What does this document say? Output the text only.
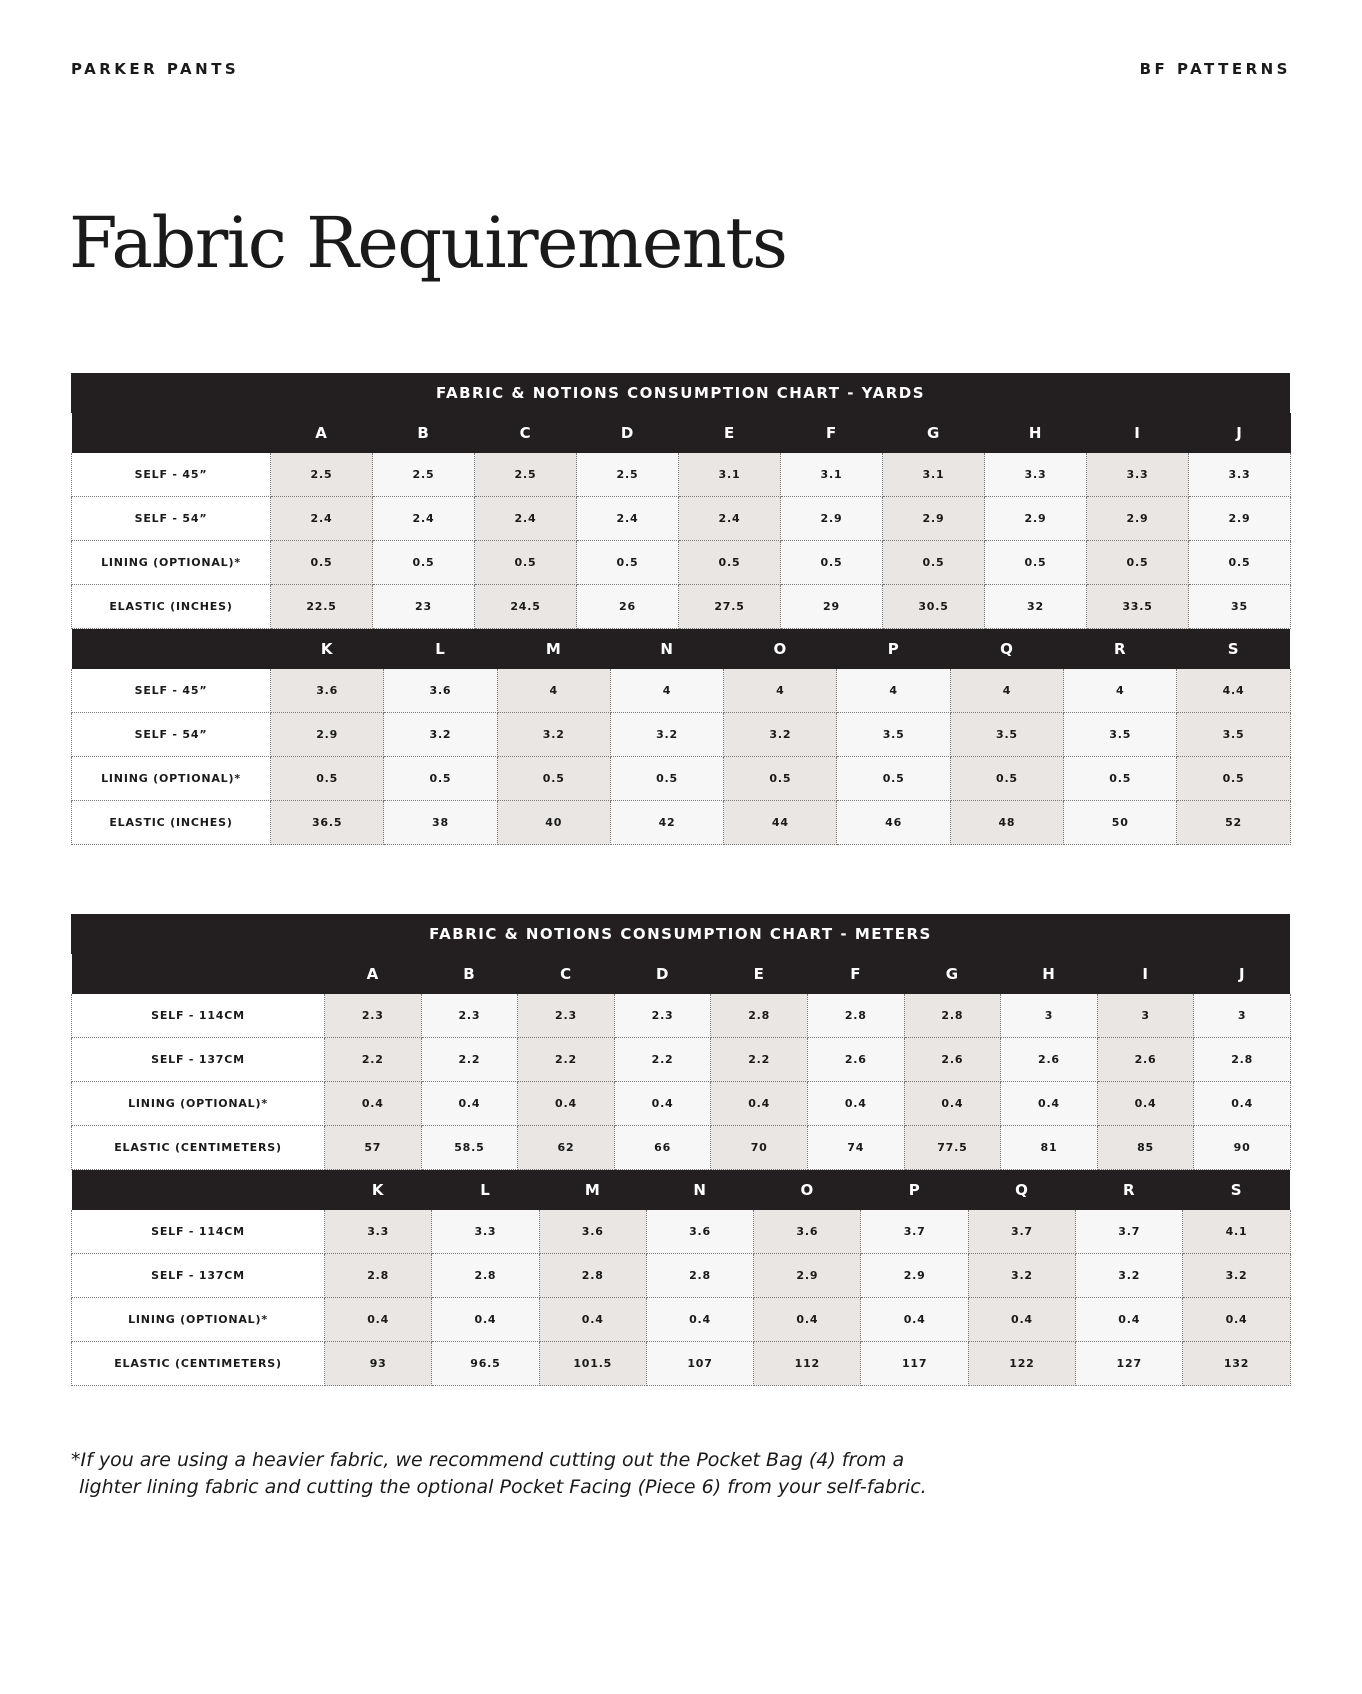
PARKER PANTS	BF PATTERNS
Fabric Requirements
FABRIC & NOTIONS CONSUMPTION CHART - YARDS

	A	B	C	D	E	F	G	H	I	J
SELF - 45”	2.5	2.5	2.5	2.5	3.1	3.1	3.1	3.3	3.3	3.3
SELF - 54”	2.4	2.4	2.4	2.4	2.4	2.9	2.9	2.9	2.9	2.9
LINING (OPTIONAL)*	0.5	0.5	0.5	0.5	0.5	0.5	0.5	0.5	0.5	0.5
ELASTIC (INCHES)	22.5	23	24.5	26	27.5	29	30.5	32	33.5	35

	K	L	M	N	O	P	Q	R	S
SELF - 45”	3.6	3.6	4	4	4	4	4	4	4.4
SELF - 54”	2.9	3.2	3.2	3.2	3.2	3.5	3.5	3.5	3.5
LINING (OPTIONAL)*	0.5	0.5	0.5	0.5	0.5	0.5	0.5	0.5	0.5
ELASTIC (INCHES)	36.5	38	40	42	44	46	48	50	52
FABRIC & NOTIONS CONSUMPTION CHART - METERS

	A	B	C	D	E	F	G	H	I	J
SELF - 114CM	2.3	2.3	2.3	2.3	2.8	2.8	2.8	3	3	3
SELF - 137CM	2.2	2.2	2.2	2.2	2.2	2.6	2.6	2.6	2.6	2.8
LINING (OPTIONAL)*	0.4	0.4	0.4	0.4	0.4	0.4	0.4	0.4	0.4	0.4
ELASTIC (CENTIMETERS)	57	58.5	62	66	70	74	77.5	81	85	90

	K	L	M	N	O	P	Q	R	S
SELF - 114CM	3.3	3.3	3.6	3.6	3.6	3.7	3.7	3.7	4.1
SELF - 137CM	2.8	2.8	2.8	2.8	2.9	2.9	3.2	3.2	3.2
LINING (OPTIONAL)*	0.4	0.4	0.4	0.4	0.4	0.4	0.4	0.4	0.4
ELASTIC (CENTIMETERS)	93	96.5	101.5	107	112	117	122	127	132

*If you are using a heavier fabric, we recommend cutting out the Pocket Bag (4) from a
lighter lining fabric and cutting the optional Pocket Facing (Piece 6) from your self-fabric.
